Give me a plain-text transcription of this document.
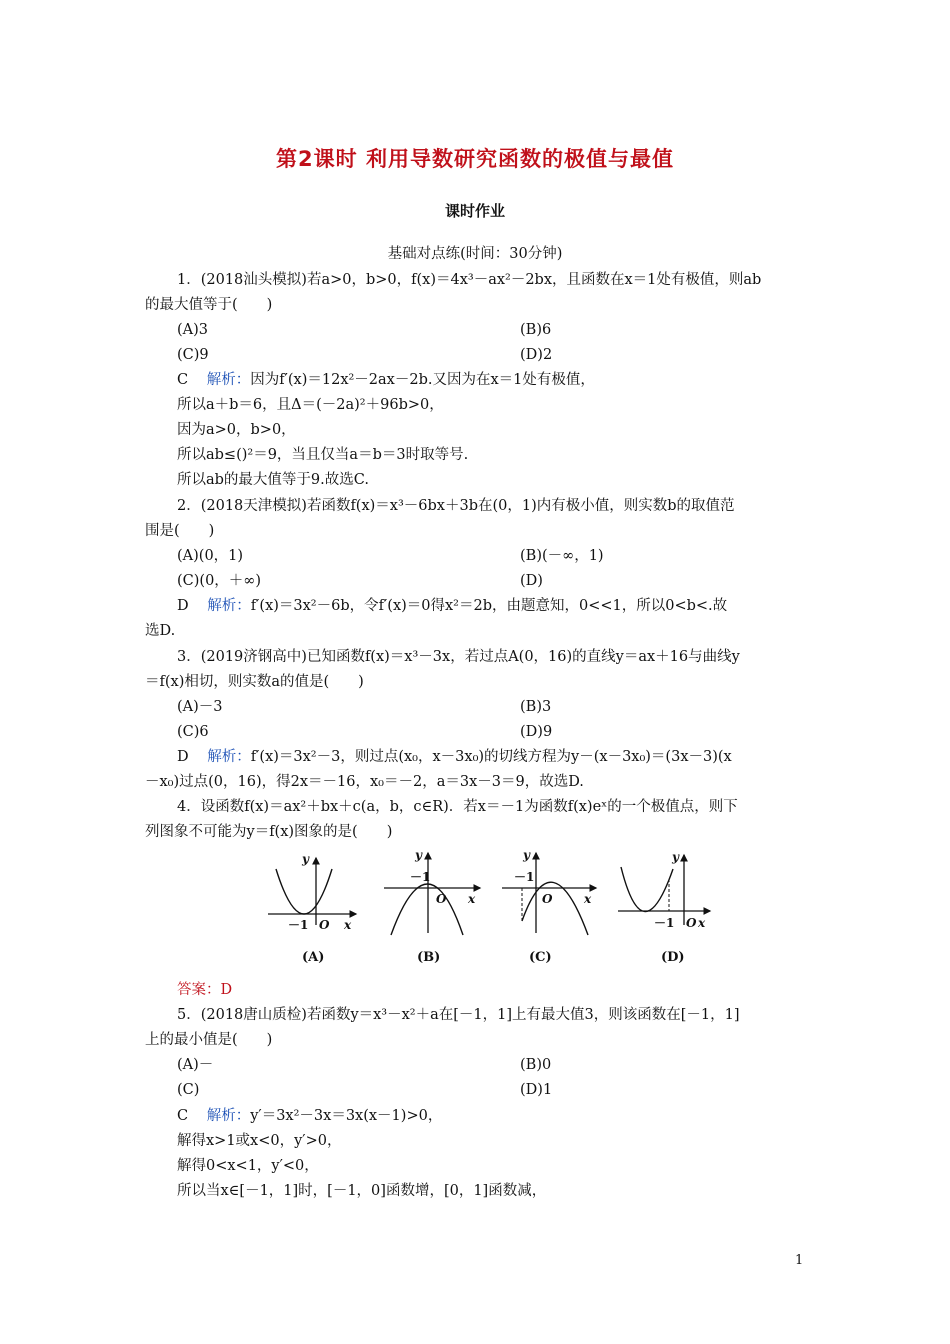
第2课时 利用导数研究函数的极值与最值
课时作业
基础对点练(时间：30分钟)
1．(2018汕头模拟)若a>0，b>0，f(x)＝4x³－ax²－2bx，且函数在x＝1处有极值，则ab
的最大值等于(　　)
(A)3	(B)6
(C)9	(D)2
C 解析：因为f′(x)＝12x²－2ax－2b.又因为在x＝1处有极值，
所以a＋b＝6，且Δ＝(－2a)²＋96b>0，
因为a>0，b>0，
所以ab≤()²＝9，当且仅当a＝b＝3时取等号.
所以ab的最大值等于9.故选C.
2．(2018天津模拟)若函数f(x)＝x³－6bx＋3b在(0，1)内有极小值，则实数b的取值范
围是(　　)
(A)(0，1)	(B)(－∞，1)
(C)(0，＋∞)	(D)
D 解析：f′(x)＝3x²－6b，令f′(x)＝0得x²＝2b，由题意知，0<<1，所以0<b<.故
选D.
3．(2019济钢高中)已知函数f(x)＝x³－3x，若过点A(0，16)的直线y＝ax＋16与曲线y
＝f(x)相切，则实数a的值是(　　)
(A)－3	(B)3
(C)6	(D)9
D 解析：f′(x)＝3x²－3，则过点(x₀，x－3x₀)的切线方程为y－(x－3x₀)＝(3x－3)(x
－x₀)过点(0，16)，得2x＝－16，x₀＝－2，a＝3x－3＝9，故选D.
4．设函数f(x)＝ax²＋bx＋c(a，b，c∈R)．若x＝－1为函数f(x)eˣ的一个极值点，则下
列图象不可能为y＝f(x)图象的是(　　)
y
x
O
－1
y
x
O
－1
y
x
O
－1
y
x
O
－1
(A)	(B)	(C)	(D)
答案：D
5．(2018唐山质检)若函数y＝x³－x²＋a在[－1，1]上有最大值3，则该函数在[－1，1]
上的最小值是(　　)
(A)－	(B)0
(C)	(D)1
C 解析：y′＝3x²－3x＝3x(x－1)>0，
解得x>1或x<0，y′>0，
解得0<x<1，y′<0，
所以当x∈[－1，1]时，[－1，0]函数增，[0，1]函数减，
1
